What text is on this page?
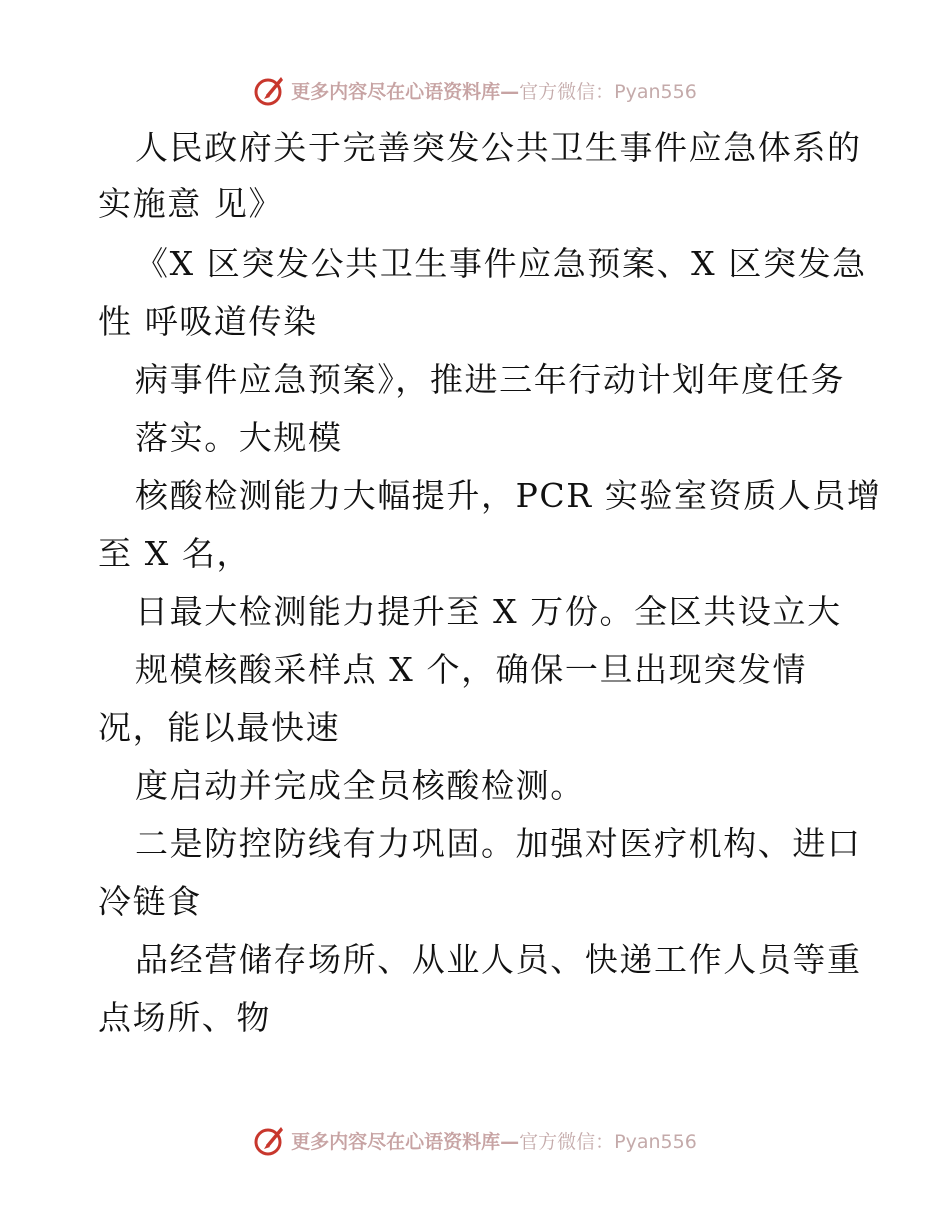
更多内容尽在心语资料库—官方微信：Pyan556
人民政府关于完善突发公共卫生事件应急体系的
实施意 见》
《X 区突发公共卫生事件应急预案、X 区突发急
性 呼吸道传染
病事件应急预案》，推进三年行动计划年度任务
落实。大规模
核酸检测能力大幅提升，PCR 实验室资质人员增
至 X 名，
日最大检测能力提升至 X 万份。全区共设立大
规模核酸采样点 X 个，确保一旦出现突发情
况，能以最快速
度启动并完成全员核酸检测。
二是防控防线有力巩固。加强对医疗机构、进口
冷链食
品经营储存场所、从业人员、快递工作人员等重
点场所、物
更多内容尽在心语资料库—官方微信：Pyan556
